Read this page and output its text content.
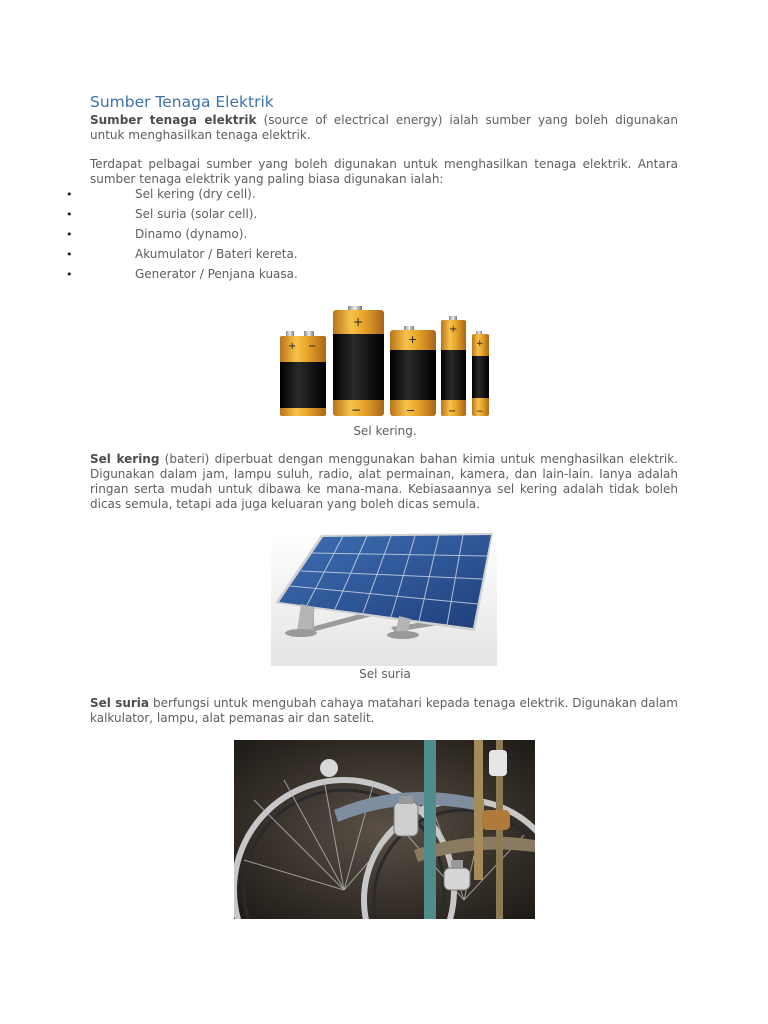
Sumber Tenaga Elektrik

Sumber tenaga elektrik (source of electrical energy) ialah sumber yang boleh digunakan untuk menghasilkan tenaga elektrik.

Terdapat pelbagai sumber yang boleh digunakan untuk menghasilkan tenaga elektrik. Antara sumber tenaga elektrik yang paling biasa digunakan ialah:

•	Sel kering (dry cell).
•	Sel suria (solar cell).
•	Dinamo (dynamo).
•	Akumulator / Bateri kereta.
•	Generator / Penjana kuasa.
+ −
+
−
+
−
+
−
+
−

Sel kering.

Sel kering (bateri) diperbuat dengan menggunakan bahan kimia untuk menghasilkan elektrik. Digunakan dalam jam, lampu suluh, radio, alat permainan, kamera, dan lain-lain. Ianya adalah ringan serta mudah untuk dibawa ke mana-mana. Kebiasaannya sel kering adalah tidak boleh dicas semula, tetapi ada juga keluaran yang boleh dicas semula.

Sel suria

Sel suria berfungsi untuk mengubah cahaya matahari kepada tenaga elektrik. Digunakan dalam kalkulator, lampu, alat pemanas air dan satelit.
